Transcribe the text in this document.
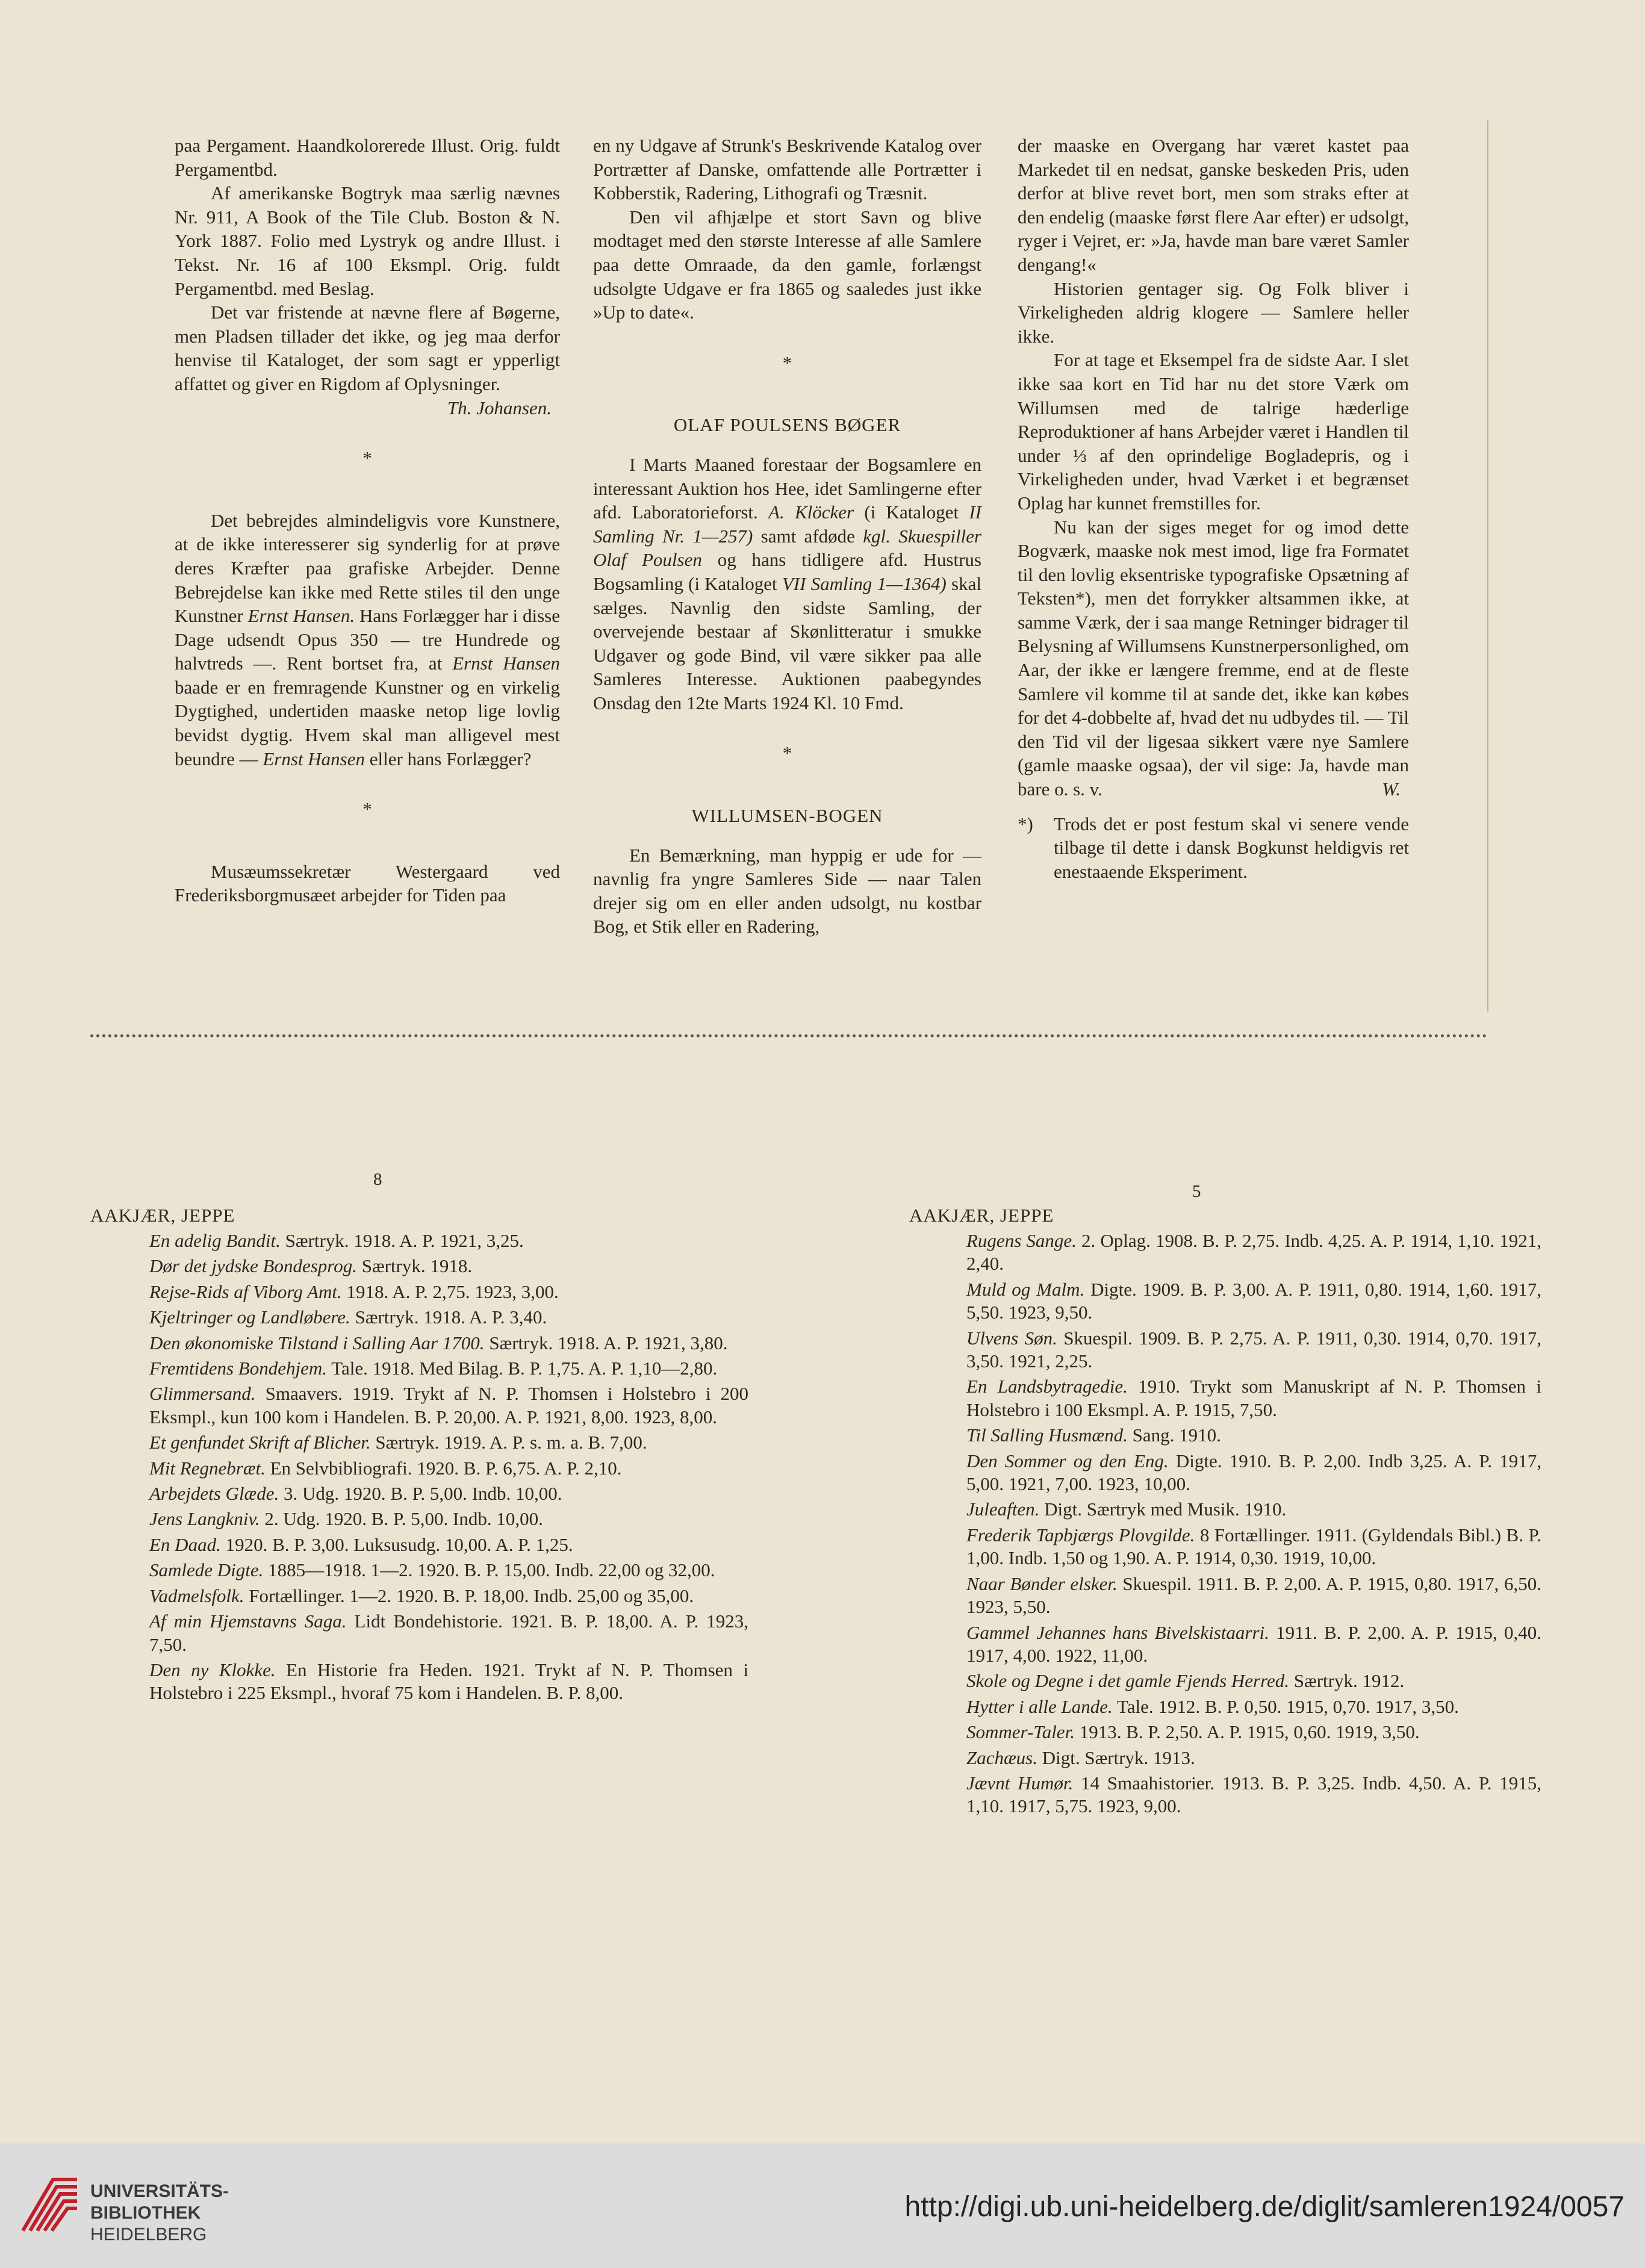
paa Pergament. Haandkolorerede Illust. Orig. fuldt Pergamentbd.

Af amerikanske Bogtryk maa særlig nævnes Nr. 911, A Book of the Tile Club. Boston & N. York 1887. Folio med Lystryk og andre Illust. i Tekst. Nr. 16 af 100 Eksmpl. Orig. fuldt Pergamentbd. med Beslag.

Det var fristende at nævne flere af Bøgerne, men Pladsen tillader det ikke, og jeg maa derfor henvise til Kataloget, der som sagt er ypperligt affattet og giver en Rigdom af Oplysninger.

Th. Johansen.

*

Det bebrejdes almindeligvis vore Kunstnere, at de ikke interesserer sig synderlig for at prøve deres Kræfter paa grafiske Arbejder. Denne Bebrejdelse kan ikke med Rette stiles til den unge Kunstner Ernst Hansen. Hans Forlægger har i disse Dage udsendt Opus 350 — tre Hundrede og halvtreds —. Rent bortset fra, at Ernst Hansen baade er en fremragende Kunstner og en virkelig Dygtighed, undertiden maaske netop lige lovlig bevidst dygtig. Hvem skal man alligevel mest beundre — Ernst Hansen eller hans Forlægger?

*

Musæumssekretær Westergaard ved Frederiksborgmusæet arbejder for Tiden paa

en ny Udgave af Strunk's Beskrivende Katalog over Portrætter af Danske, omfattende alle Portrætter i Kobberstik, Radering, Lithografi og Træsnit.

Den vil afhjælpe et stort Savn og blive modtaget med den største Interesse af alle Samlere paa dette Omraade, da den gamle, forlængst udsolgte Udgave er fra 1865 og saaledes just ikke »Up to date«.

*

OLAF POULSENS BØGER

I Marts Maaned forestaar der Bogsamlere en interessant Auktion hos Hee, idet Samlingerne efter afd. Laboratorieforst. A. Klöcker (i Kataloget II Samling Nr. 1—257) samt afdøde kgl. Skuespiller Olaf Poulsen og hans tidligere afd. Hustrus Bogsamling (i Kataloget VII Samling 1—1364) skal sælges. Navnlig den sidste Samling, der overvejende bestaar af Skønlitteratur i smukke Udgaver og gode Bind, vil være sikker paa alle Samleres Interesse. Auktionen paabegyndes Onsdag den 12te Marts 1924 Kl. 10 Fmd.

*

WILLUMSEN-BOGEN

En Bemærkning, man hyppig er ude for — navnlig fra yngre Samleres Side — naar Talen drejer sig om en eller anden udsolgt, nu kostbar Bog, et Stik eller en Radering,

der maaske en Overgang har været kastet paa Markedet til en nedsat, ganske beskeden Pris, uden derfor at blive revet bort, men som straks efter at den endelig (maaske først flere Aar efter) er udsolgt, ryger i Vejret, er: »Ja, havde man bare været Samler dengang!«

Historien gentager sig. Og Folk bliver i Virkeligheden aldrig klogere — Samlere heller ikke.

For at tage et Eksempel fra de sidste Aar. I slet ikke saa kort en Tid har nu det store Værk om Willumsen med de talrige hæderlige Reproduktioner af hans Arbejder været i Handlen til under ⅓ af den oprindelige Bogladepris, og i Virkeligheden under, hvad Værket i et begrænset Oplag har kunnet fremstilles for.

Nu kan der siges meget for og imod dette Bogværk, maaske nok mest imod, lige fra Formatet til den lovlig eksentriske typografiske Opsætning af Teksten*), men det forrykker altsammen ikke, at samme Værk, der i saa mange Retninger bidrager til Belysning af Willumsens Kunstnerpersonlighed, om Aar, der ikke er længere fremme, end at de fleste Samlere vil komme til at sande det, ikke kan købes for det 4-dobbelte af, hvad det nu udbydes til. — Til den Tid vil der ligesaa sikkert være nye Samlere (gamle maaske ogsaa), der vil sige: Ja, havde man bare o. s. v.	W.

*) Trods det er post festum skal vi senere vende tilbage til dette i dansk Bogkunst heldigvis ret enestaaende Eksperiment.

8
AAKJÆR, JEPPE
En adelig Bandit. Særtryk. 1918. A. P. 1921, 3,25.
Dør det jydske Bondesprog. Særtryk. 1918.
Rejse-Rids af Viborg Amt. 1918. A. P. 2,75. 1923, 3,00.
Kjeltringer og Landløbere. Særtryk. 1918. A. P. 3,40.
Den økonomiske Tilstand i Salling Aar 1700. Særtryk. 1918. A. P. 1921, 3,80.
Fremtidens Bondehjem. Tale. 1918. Med Bilag. B. P. 1,75. A. P. 1,10—2,80.
Glimmersand. Smaavers. 1919. Trykt af N. P. Thomsen i Holstebro i 200 Eksmpl., kun 100 kom i Handelen. B. P. 20,00. A. P. 1921, 8,00. 1923, 8,00.
Et genfundet Skrift af Blicher. Særtryk. 1919. A. P. s. m. a. B. 7,00.
Mit Regnebræt. En Selvbibliografi. 1920. B. P. 6,75. A. P. 2,10.
Arbejdets Glæde. 3. Udg. 1920. B. P. 5,00. Indb. 10,00.
Jens Langkniv. 2. Udg. 1920. B. P. 5,00. Indb. 10,00.
En Daad. 1920. B. P. 3,00. Luksusudg. 10,00. A. P. 1,25.
Samlede Digte. 1885—1918. 1—2. 1920. B. P. 15,00. Indb. 22,00 og 32,00.
Vadmelsfolk. Fortællinger. 1—2. 1920. B. P. 18,00. Indb. 25,00 og 35,00.
Af min Hjemstavns Saga. Lidt Bondehistorie. 1921. B. P. 18,00. A. P. 1923, 7,50.
Den ny Klokke. En Historie fra Heden. 1921. Trykt af N. P. Thomsen i Holstebro i 225 Eksmpl., hvoraf 75 kom i Handelen. B. P. 8,00.
5
AAKJÆR, JEPPE
Rugens Sange. 2. Oplag. 1908. B. P. 2,75. Indb. 4,25. A. P. 1914, 1,10. 1921, 2,40.
Muld og Malm. Digte. 1909. B. P. 3,00. A. P. 1911, 0,80. 1914, 1,60. 1917, 5,50. 1923, 9,50.
Ulvens Søn. Skuespil. 1909. B. P. 2,75. A. P. 1911, 0,30. 1914, 0,70. 1917, 3,50. 1921, 2,25.
En Landsbytragedie. 1910. Trykt som Manuskript af N. P. Thomsen i Holstebro i 100 Eksmpl. A. P. 1915, 7,50.
Til Salling Husmænd. Sang. 1910.
Den Sommer og den Eng. Digte. 1910. B. P. 2,00. Indb 3,25. A. P. 1917, 5,00. 1921, 7,00. 1923, 10,00.
Juleaften. Digt. Særtryk med Musik. 1910.
Frederik Tapbjærgs Plovgilde. 8 Fortællinger. 1911. (Gyldendals Bibl.) B. P. 1,00. Indb. 1,50 og 1,90. A. P. 1914, 0,30. 1919, 10,00.
Naar Bønder elsker. Skuespil. 1911. B. P. 2,00. A. P. 1915, 0,80. 1917, 6,50. 1923, 5,50.
Gammel Jehannes hans Bivelskistaarri. 1911. B. P. 2,00. A. P. 1915, 0,40. 1917, 4,00. 1922, 11,00.
Skole og Degne i det gamle Fjends Herred. Særtryk. 1912.
Hytter i alle Lande. Tale. 1912. B. P. 0,50. 1915, 0,70. 1917, 3,50.
Sommer-Taler. 1913. B. P. 2,50. A. P. 1915, 0,60. 1919, 3,50.
Zachæus. Digt. Særtryk. 1913.
Jævnt Humør. 14 Smaahistorier. 1913. B. P. 3,25. Indb. 4,50. A. P. 1915, 1,10. 1917, 5,75. 1923, 9,00.
UNIVERSITÄTS-
BIBLIOTHEK
HEIDELBERG
http://digi.ub.uni-heidelberg.de/diglit/samleren1924/0057
